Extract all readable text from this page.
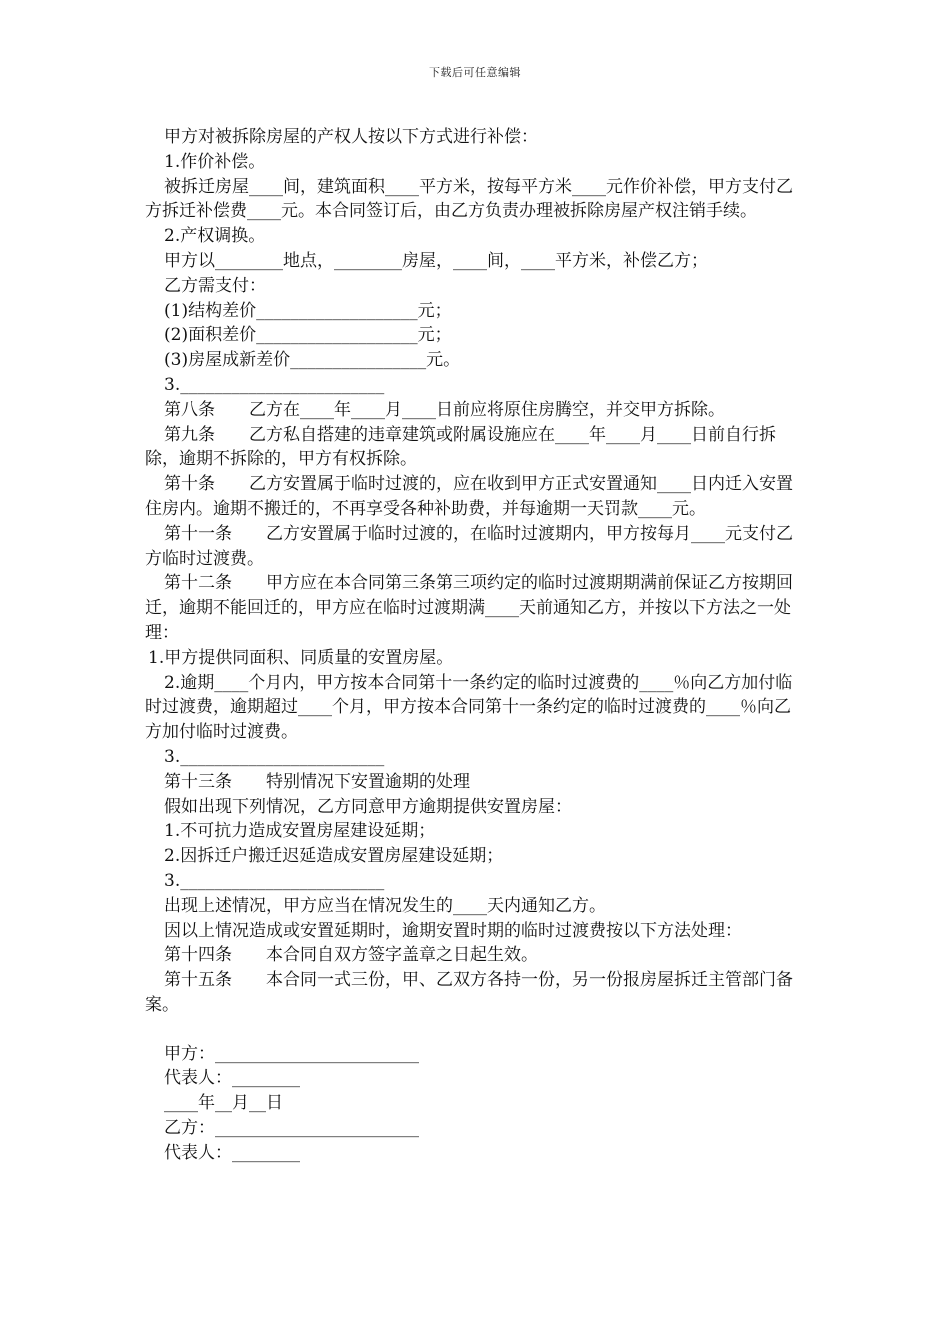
下载后可任意编辑

甲方对被拆除房屋的产权人按以下方式进行补偿：

1.作价补偿。

被拆迁房屋____间，建筑面积____平方米，按每平方米____元作价补偿，甲方支付乙方拆迁补偿费____元。本合同签订后，由乙方负责办理被拆除房屋产权注销手续。

2.产权调换。

甲方以________地点，________房屋，____间，____平方米，补偿乙方；

乙方需支付：

(1)结构差价___________________元；

(2)面积差价___________________元；

(3)房屋成新差价________________元。

3.________________________

第八条　　乙方在____年____月____日前应将原住房腾空，并交甲方拆除。

第九条　　乙方私自搭建的违章建筑或附属设施应在____年____月____日前自行拆除，逾期不拆除的，甲方有权拆除。

第十条　　乙方安置属于临时过渡的，应在收到甲方正式安置通知____日内迁入安置住房内。逾期不搬迁的，不再享受各种补助费，并每逾期一天罚款____元。

第十一条　　乙方安置属于临时过渡的，在临时过渡期内，甲方按每月____元支付乙方临时过渡费。

第十二条　　甲方应在本合同第三条第三项约定的临时过渡期期满前保证乙方按期回迁，逾期不能回迁的，甲方应在临时过渡期满____天前通知乙方，并按以下方法之一处理：

1.甲方提供同面积、同质量的安置房屋。

2.逾期____个月内，甲方按本合同第十一条约定的临时过渡费的____％向乙方加付临时过渡费，逾期超过____个月，甲方按本合同第十一条约定的临时过渡费的____％向乙方加付临时过渡费。

3.________________________

第十三条　　特别情况下安置逾期的处理

假如出现下列情况，乙方同意甲方逾期提供安置房屋：

1.不可抗力造成安置房屋建设延期；

2.因拆迁户搬迁迟延造成安置房屋建设延期；

3.________________________

出现上述情况，甲方应当在情况发生的____天内通知乙方。

因以上情况造成或安置延期时，逾期安置时期的临时过渡费按以下方法处理：

第十四条　　本合同自双方签字盖章之日起生效。

第十五条　　本合同一式三份，甲、乙双方各持一份，另一份报房屋拆迁主管部门备案。

甲方：________________________

代表人：________

____年__月__日

乙方：________________________

代表人：________
